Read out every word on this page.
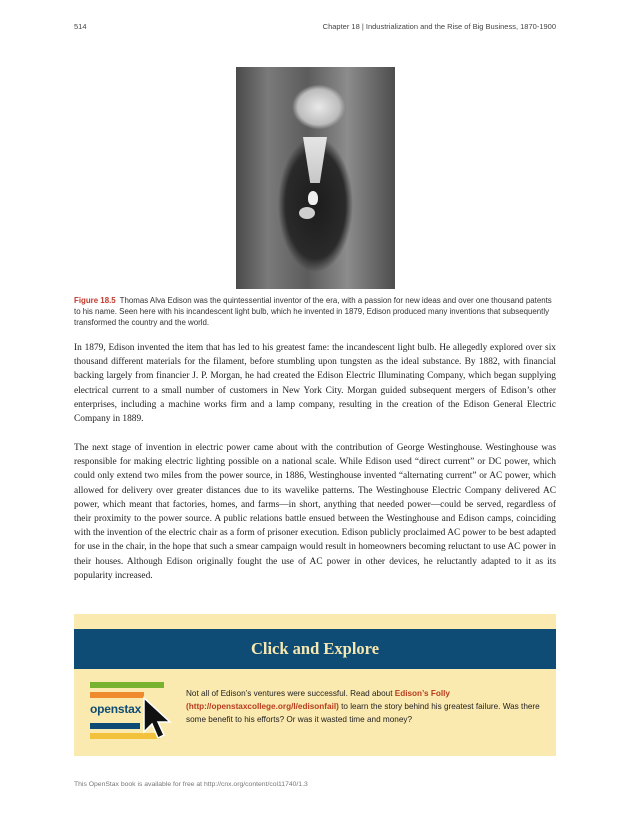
514	Chapter 18 | Industrialization and the Rise of Big Business, 1870-1900
Figure 18.5 Thomas Alva Edison was the quintessential inventor of the era, with a passion for new ideas and over one thousand patents to his name. Seen here with his incandescent light bulb, which he invented in 1879, Edison produced many inventions that subsequently transformed the country and the world.

In 1879, Edison invented the item that has led to his greatest fame: the incandescent light bulb. He allegedly explored over six thousand different materials for the filament, before stumbling upon tungsten as the ideal substance. By 1882, with financial backing largely from financier J. P. Morgan, he had created the Edison Electric Illuminating Company, which began supplying electrical current to a small number of customers in New York City. Morgan guided subsequent mergers of Edison’s other enterprises, including a machine works firm and a lamp company, resulting in the creation of the Edison General Electric Company in 1889.

The next stage of invention in electric power came about with the contribution of George Westinghouse. Westinghouse was responsible for making electric lighting possible on a national scale. While Edison used “direct current” or DC power, which could only extend two miles from the power source, in 1886, Westinghouse invented “alternating current” or AC power, which allowed for delivery over greater distances due to its wavelike patterns. The Westinghouse Electric Company delivered AC power, which meant that factories, homes, and farms—in short, anything that needed power—could be served, regardless of their proximity to the power source. A public relations battle ensued between the Westinghouse and Edison camps, coinciding with the invention of the electric chair as a form of prisoner execution. Edison publicly proclaimed AC power to be best adapted for use in the chair, in the hope that such a smear campaign would result in homeowners becoming reluctant to use AC power in their houses. Although Edison originally fought the use of AC power in other devices, he reluctantly adapted to it as its popularity increased.

Click and Explore
openstax
Not all of Edison’s ventures were successful. Read about Edison’s Folly (http://openstaxcollege.org/l/edisonfail) to learn the story behind his greatest failure. Was there some benefit to his efforts? Or was it wasted time and money?
This OpenStax book is available for free at http://cnx.org/content/col11740/1.3
